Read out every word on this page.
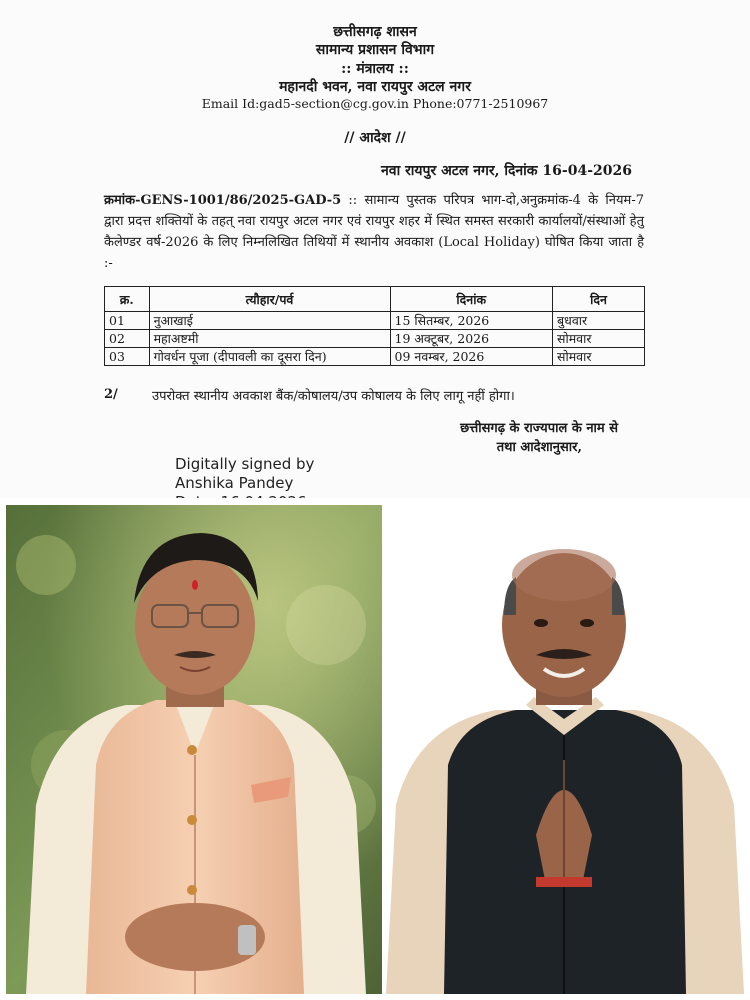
छत्तीसगढ़ शासन
सामान्य प्रशासन विभाग
:: मंत्रालय ::
महानदी भवन, नवा रायपुर अटल नगर
Email Id:gad5-section@cg.gov.in Phone:0771-2510967
// आदेश //
नवा रायपुर अटल नगर, दिनांक 16-04-2026
क्रमांक-GENS-1001/86/2025-GAD-5 :: सामान्य पुस्तक परिपत्र भाग-दो,अनुक्रमांक-4 के नियम-7 द्वारा प्रदत्त शक्तियों के तहत् नवा रायपुर अटल नगर एवं रायपुर शहर में स्थित समस्त सरकारी कार्यालयों/संस्थाओं हेतु कैलेण्डर वर्ष-2026 के लिए निम्नलिखित तिथियों में स्थानीय अवकाश (Local Holiday) घोषित किया जाता है :-
क्र.	त्यौहार/पर्व	दिनांक	दिन
01	नुआखाई	15 सितम्बर, 2026	बुधवार
02	महाअष्टमी	19 अक्टूबर, 2026	सोमवार
03	गोवर्धन पूजा (दीपावली का दूसरा दिन)	09 नवम्बर, 2026	सोमवार
2/	उपरोक्त स्थानीय अवकाश बैंक/कोषालय/उप कोषालय के लिए लागू नहीं होगा।
छत्तीसगढ़ के राज्यपाल के नाम से
तथा आदेशानुसार,
Digitally signed by
Anshika Pandey
